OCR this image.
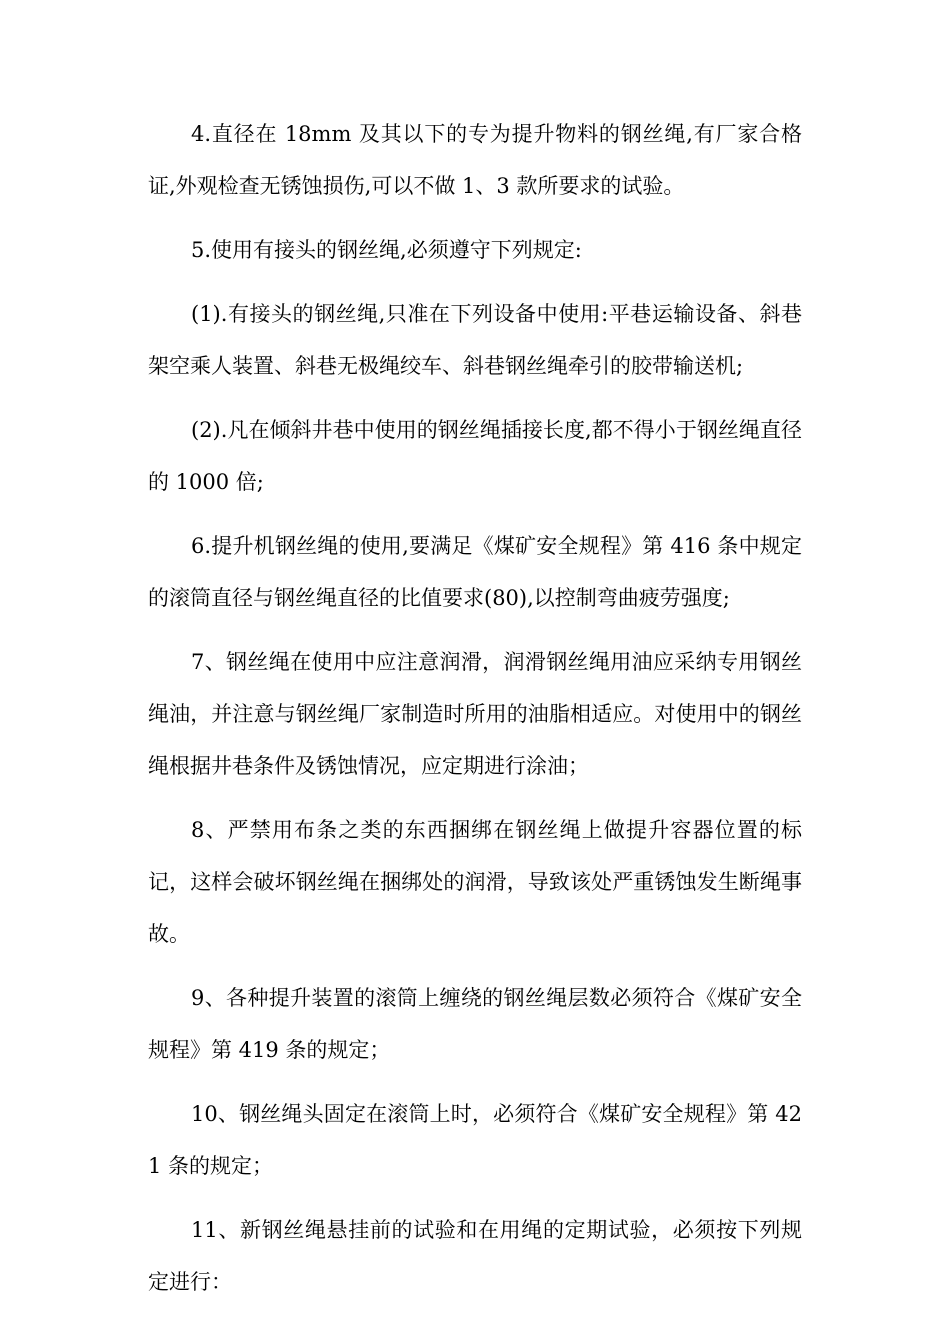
4.直径在 18mm 及其以下的专为提升物料的钢丝绳,有厂家合格证,外观检查无锈蚀损伤,可以不做 1、3 款所要求的试验。

5.使用有接头的钢丝绳,必须遵守下列规定:

(1).有接头的钢丝绳,只准在下列设备中使用:平巷运输设备、斜巷架空乘人装置、斜巷无极绳绞车、斜巷钢丝绳牵引的胶带输送机;

(2).凡在倾斜井巷中使用的钢丝绳插接长度,都不得小于钢丝绳直径的 1000 倍;

6.提升机钢丝绳的使用,要满足《煤矿安全规程》第 416 条中规定的滚筒直径与钢丝绳直径的比值要求(80),以控制弯曲疲劳强度;

7、钢丝绳在使用中应注意润滑，润滑钢丝绳用油应采纳专用钢丝绳油，并注意与钢丝绳厂家制造时所用的油脂相适应。对使用中的钢丝绳根据井巷条件及锈蚀情况，应定期进行涂油；

8、严禁用布条之类的东西捆绑在钢丝绳上做提升容器位置的标记，这样会破坏钢丝绳在捆绑处的润滑，导致该处严重锈蚀发生断绳事故。

9、各种提升装置的滚筒上缠绕的钢丝绳层数必须符合《煤矿安全规程》第 419 条的规定；

10、钢丝绳头固定在滚筒上时，必须符合《煤矿安全规程》第 421 条的规定；

11、新钢丝绳悬挂前的试验和在用绳的定期试验，必须按下列规定进行：
